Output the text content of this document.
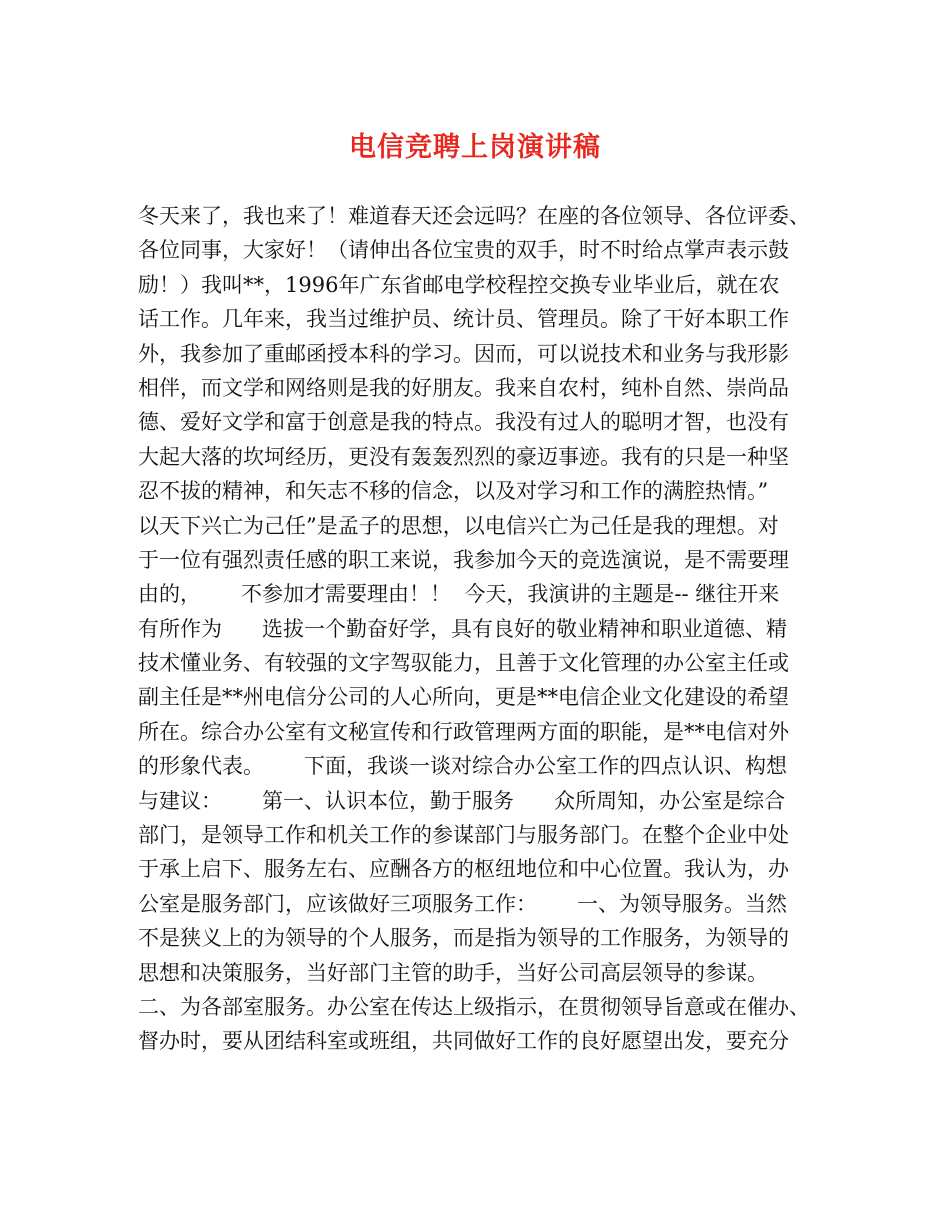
电信竞聘上岗演讲稿
冬天来了，我也来了！难道春天还会远吗？在座的各位领导、各位评委、
各位同事，大家好！（请伸出各位宝贵的双手，时不时给点掌声表示鼓
励！）我叫**，1996年广东省邮电学校程控交换专业毕业后，就在农
话工作。几年来，我当过维护员、统计员、管理员。除了干好本职工作
外，我参加了重邮函授本科的学习。因而，可以说技术和业务与我形影
相伴，而文学和网络则是我的好朋友。我来自农村，纯朴自然、崇尚品
德、爱好文学和富于创意是我的特点。我没有过人的聪明才智，也没有
大起大落的坎坷经历，更没有轰轰烈烈的豪迈事迹。我有的只是一种坚
忍不拔的精神，和矢志不移的信念，以及对学习和工作的满腔热情。”
以天下兴亡为己任”是孟子的思想，以电信兴亡为己任是我的理想。对
于一位有强烈责任感的职工来说，我参加今天的竞选演说，是不需要理
由的，      不参加才需要理由！！  今天，我演讲的主题是-- 继往开来
有所作为      选拔一个勤奋好学，具有良好的敬业精神和职业道德、精
技术懂业务、有较强的文字驾驭能力，且善于文化管理的办公室主任或
副主任是**州电信分公司的人心所向，更是**电信企业文化建设的希望
所在。综合办公室有文秘宣传和行政管理两方面的职能，是**电信对外
的形象代表。      下面，我谈一谈对综合办公室工作的四点认识、构想
与建议：      第一、认识本位，勤于服务      众所周知，办公室是综合
部门，是领导工作和机关工作的参谋部门与服务部门。在整个企业中处
于承上启下、服务左右、应酬各方的枢纽地位和中心位置。我认为，办
公室是服务部门，应该做好三项服务工作：      一、为领导服务。当然
不是狭义上的为领导的个人服务，而是指为领导的工作服务，为领导的
思想和决策服务，当好部门主管的助手，当好公司高层领导的参谋。
二、为各部室服务。办公室在传达上级指示，在贯彻领导旨意或在催办、
督办时，要从团结科室或班组，共同做好工作的良好愿望出发，要充分
